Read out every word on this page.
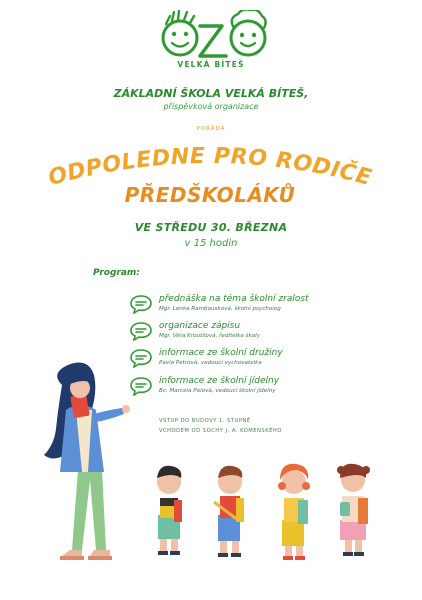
VELKÁ BÍTEŠ
ZÁKLADNÍ ŠKOLA VELKÁ BÍTEŠ,
příspěvková organizace
POŘÁDÁ
ODPOLEDNE PRO RODIČE
PŘEDŠKOLÁKŮ
VE STŘEDU 30. BŘEZNA
v 15 hodin
Program:
přednáška na téma školní zralost
Mgr. Lenka Rambousková, školní psycholog
organizace zápisu
Mgr. Věra Kroutilová, ředitelka školy
informace ze školní družiny
Pavla Petrová, vedoucí vychovatelka
informace ze školní jídelny
Bc. Marcela Polová, vedoucí školní jídelny
VSTUP DO BUDOVY 1. STUPNĚ
VCHODEM OD SOCHY J. A. KOMENSKÉHO
